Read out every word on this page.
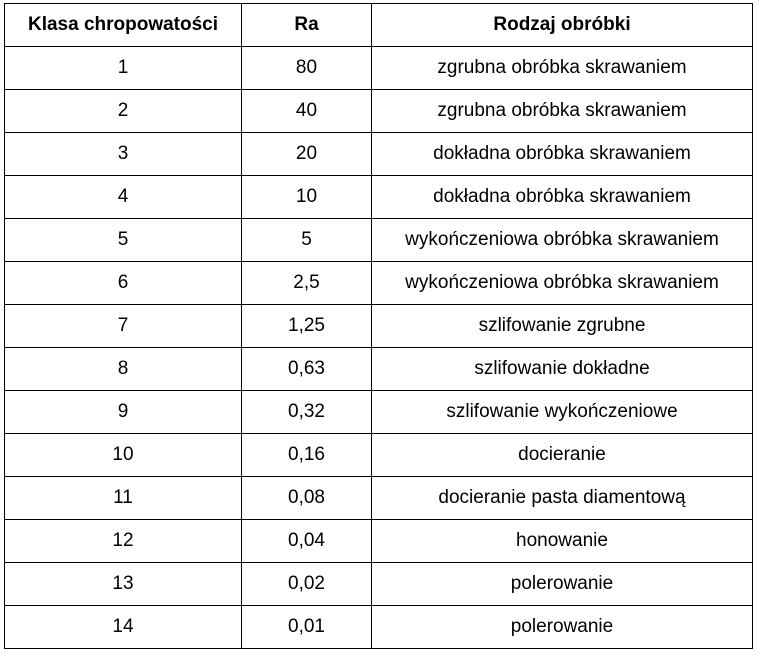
Klasa chropowatości	Ra	Rodzaj obróbki
1	80	zgrubna obróbka skrawaniem
2	40	zgrubna obróbka skrawaniem
3	20	dokładna obróbka skrawaniem
4	10	dokładna obróbka skrawaniem
5	5	wykończeniowa obróbka skrawaniem
6	2,5	wykończeniowa obróbka skrawaniem
7	1,25	szlifowanie zgrubne
8	0,63	szlifowanie dokładne
9	0,32	szlifowanie wykończeniowe
10	0,16	docieranie
11	0,08	docieranie pasta diamentową
12	0,04	honowanie
13	0,02	polerowanie
14	0,01	polerowanie
